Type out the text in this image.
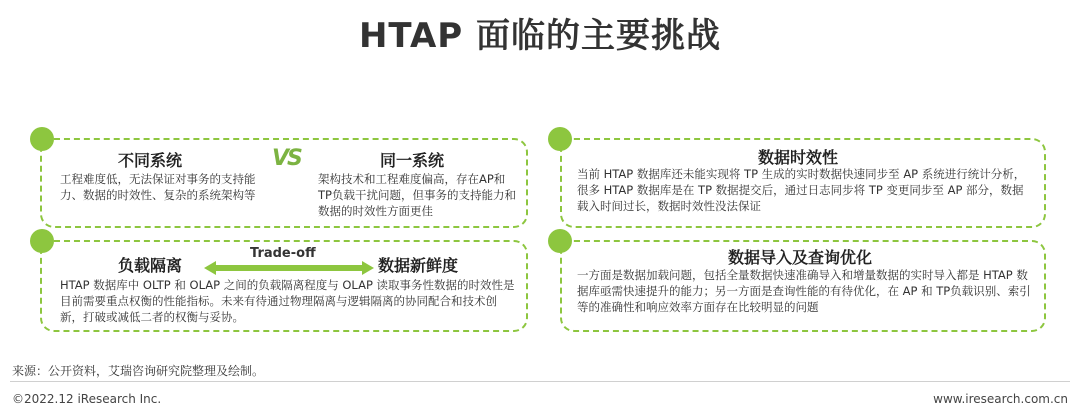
HTAP 面临的主要挑战
不同系统
工程难度低，无法保证对事务的支持能力、数据的时效性、复杂的系统架构等
VS	同一系统
架构技术和工程难度偏高，存在AP和TP负载干扰问题，但事务的支持能力和数据的时效性方面更佳
负载隔离
Trade-off
数据新鲜度
HTAP 数据库中 OLTP 和 OLAP 之间的负载隔离程度与 OLAP 读取事务性数据的时效性是目前需要重点权衡的性能指标。未来有待通过物理隔离与逻辑隔离的协同配合和技术创新，打破或减低二者的权衡与妥协。
数据时效性
当前 HTAP 数据库还未能实现将 TP 生成的实时数据快速同步至 AP 系统进行统计分析，很多 HTAP 数据库是在 TP 数据提交后，通过日志同步将 TP 变更同步至 AP 部分，数据载入时间过长，数据时效性没法保证
数据导入及查询优化
一方面是数据加载问题，包括全量数据快速准确导入和增量数据的实时导入都是 HTAP 数据库亟需快速提升的能力；另一方面是查询性能的有待优化，在 AP 和 TP负载识别、索引等的准确性和响应效率方面存在比较明显的问题
来源：公开资料，艾瑞咨询研究院整理及绘制。
©2022.12 iResearch Inc.	www.iresearch.com.cn
